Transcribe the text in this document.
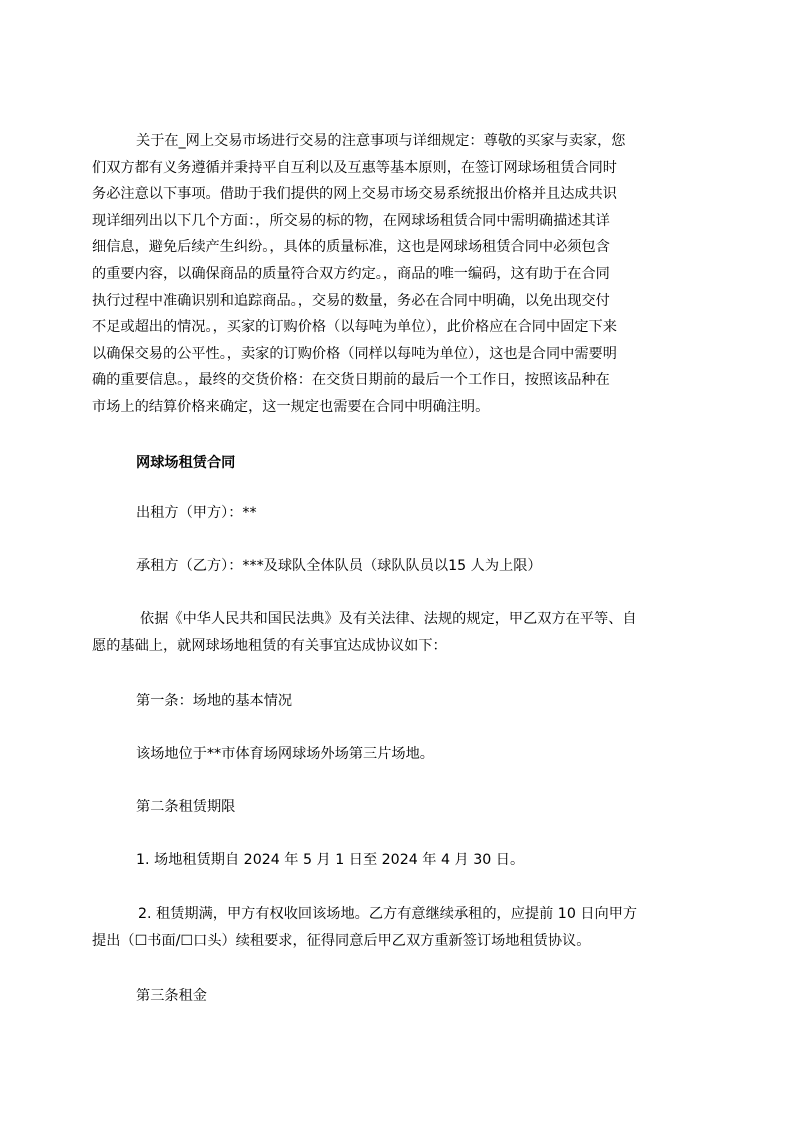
关于在_网上交易市场进行交易的注意事项与详细规定：尊敬的买家与卖家，您
们双方都有义务遵循并秉持平自互利以及互惠等基本原则，在签订网球场租赁合同时
务必注意以下事项。借助于我们提供的网上交易市场交易系统报出价格并且达成共识
现详细列出以下几个方面：，所交易的标的物，在网球场租赁合同中需明确描述其详
细信息，避免后续产生纠纷。，具体的质量标准，这也是网球场租赁合同中必须包含
的重要内容，以确保商品的质量符合双方约定。，商品的唯一编码，这有助于在合同
执行过程中准确识别和追踪商品。，交易的数量，务必在合同中明确，以免出现交付
不足或超出的情况。，买家的订购价格（以每吨为单位），此价格应在合同中固定下来
以确保交易的公平性。，卖家的订购价格（同样以每吨为单位），这也是合同中需要明
确的重要信息。，最终的交货价格：在交货日期前的最后一个工作日，按照该品种在
市场上的结算价格来确定，这一规定也需要在合同中明确注明。
网球场租赁合同
出租方（甲方）：**
承租方（乙方）：***及球队全体队员（球队队员以15 人为上限）
依据《中华人民共和国民法典》及有关法律、法规的规定，甲乙双方在平等、自
愿的基础上，就网球场地租赁的有关事宜达成协议如下：
第一条：场地的基本情况
该场地位于**市体育场网球场外场第三片场地。
第二条租赁期限
1. 场地租赁期自 2024 年 5 月 1 日至 2024 年 4 月 30 日。
2. 租赁期满，甲方有权收回该场地。乙方有意继续承租的，应提前 10 日向甲方
提出（☐书面/☐口头）续租要求，征得同意后甲乙双方重新签订场地租赁协议。
第三条租金
